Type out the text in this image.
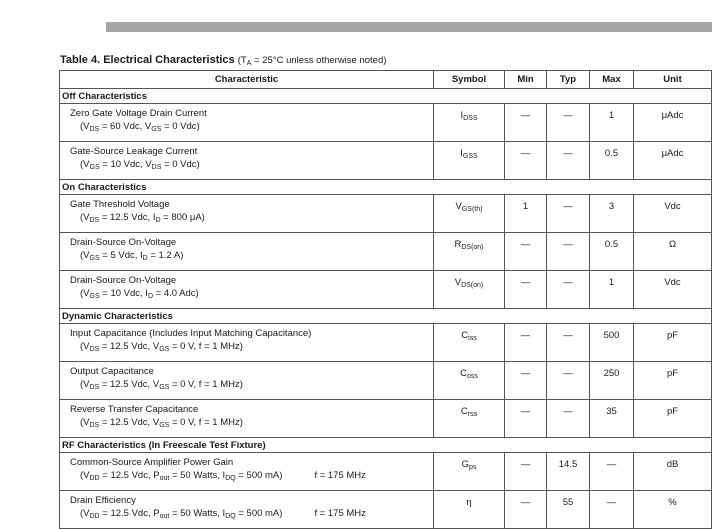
Table 4. Electrical Characteristics ($T_A = 25^\circ C$ unless otherwise noted)
Characteristic	Symbol	Min	Typ	Max	Unit
Off Characteristics					

Zero Gate Voltage Drain Current
($V_{DS} = 60$ Vdc, $V_{GS} = 0$ Vdc)	$I_{DSS}$	—	—	1	μAdc

Gate-Source Leakage Current
($V_{GS} = 10$ Vdc, $V_{DS} = 0$ Vdc)	$I_{GSS}$	—	—	0.5	μAdc
On Characteristics					

Gate Threshold Voltage
($V_{DS} = 12.5$ Vdc, $I_D = 800$ μA)	$V_{GS(th)}$	1	—	3	Vdc

Drain-Source On-Voltage
($V_{GS} = 5$ Vdc, $I_D = 1.2$ A)	$R_{DS(on)}$	—	—	0.5	Ω

Drain-Source On-Voltage
($V_{GS} = 10$ Vdc, $I_D = 4.0$ Adc)	$V_{DS(on)}$	—	—	1	Vdc
Dynamic Characteristics					

Input Capacitance (Includes Input Matching Capacitance)
($V_{DS} = 12.5$ Vdc, $V_{GS} = 0$ V, f = 1 MHz)	$C_{iss}$	—	—	500	pF

Output Capacitance
($V_{DS} = 12.5$ Vdc, $V_{GS} = 0$ V, f = 1 MHz)	$C_{oss}$	—	—	250	pF

Reverse Transfer Capacitance
($V_{DS} = 12.5$ Vdc, $V_{GS} = 0$ V, f = 1 MHz)	$C_{rss}$	—	—	35	pF
RF Characteristics (In Freescale Test Fixture)					

Common-Source Amplifier Power Gain
($V_{DD} = 12.5$ Vdc, $P_{out} = 50$ Watts, $I_{DQ} = 500$ mA) f = 175 MHz	$G_{ps}$	—	14.5	—	dB

Drain Efficiency
($V_{DD} = 12.5$ Vdc, $P_{out} = 50$ Watts, $I_{DQ} = 500$ mA) f = 175 MHz	η	—	55	—	%
